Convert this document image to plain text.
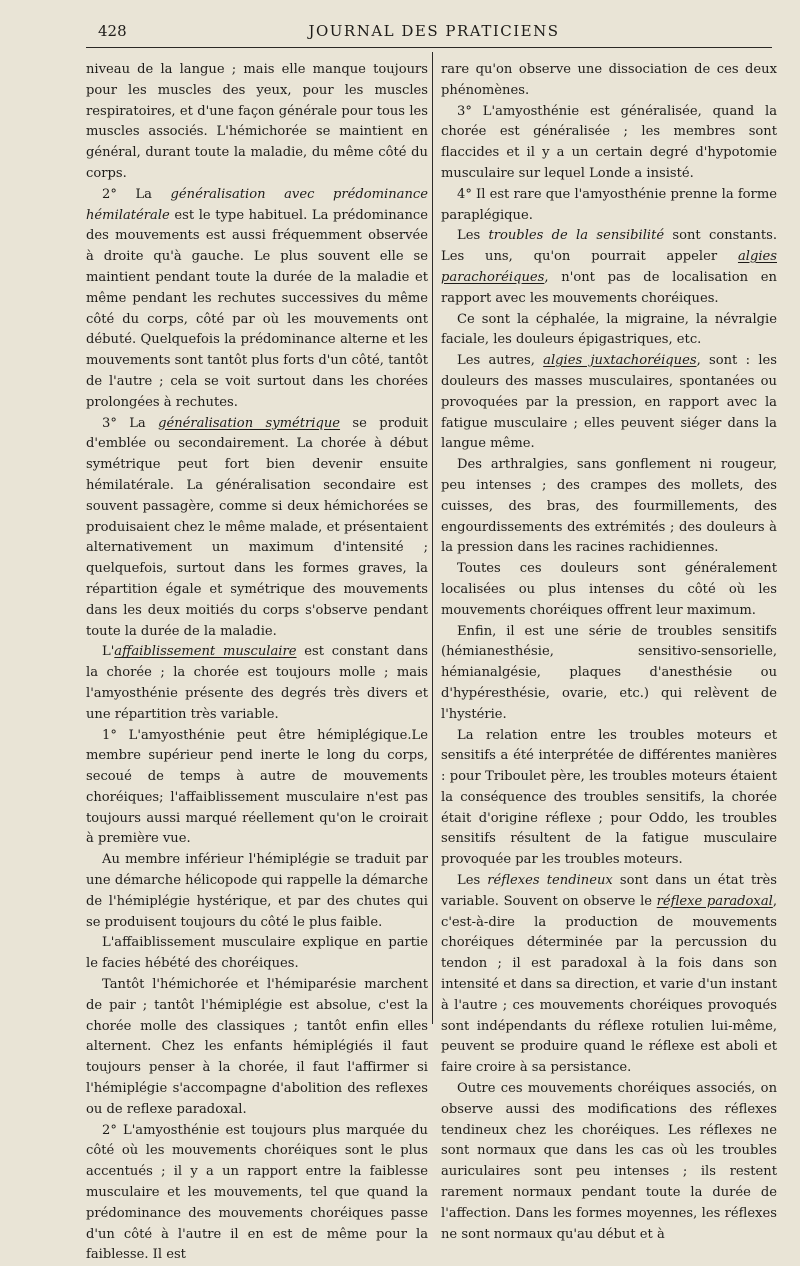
428	JOURNAL DES PRATICIENS

niveau de la langue ; mais elle manque toujours pour les muscles des yeux, pour les muscles respiratoires, et d'une façon générale pour tous les muscles associés. L'hémichorée se maintient en général, durant toute la maladie, du même côté du corps.

2° La généralisation avec prédominance hémilatérale est le type habituel. La prédominance des mouvements est aussi fréquemment observée à droite qu'à gauche. Le plus souvent elle se maintient pendant toute la durée de la maladie et même pendant les rechutes successives du même côté du corps, côté par où les mouvements ont débuté. Quelquefois la prédominance alterne et les mouvements sont tantôt plus forts d'un côté, tantôt de l'autre ; cela se voit surtout dans les chorées prolongées à rechutes.

3° La généralisation symétrique se produit d'emblée ou secondairement. La chorée à début symétrique peut fort bien devenir ensuite hémilatérale. La généralisation secondaire est souvent passagère, comme si deux hémichorées se produisaient chez le même malade, et présentaient alternativement un maximum d'intensité ; quelquefois, surtout dans les formes graves, la répartition égale et symétrique des mouvements dans les deux moitiés du corps s'observe pendant toute la durée de la maladie.

L'affaiblissement musculaire est constant dans la chorée ; la chorée est toujours molle ; mais l'amyosthénie présente des degrés très divers et une répartition très variable.

1° L'amyosthénie peut être hémiplégique.Le membre supérieur pend inerte le long du corps, secoué de temps à autre de mouvements choréiques; l'affaiblissement musculaire n'est pas toujours aussi marqué réellement qu'on le croirait à première vue.

Au membre inférieur l'hémiplégie se traduit par une démarche hélicopode qui rappelle la démarche de l'hémiplégie hystérique, et par des chutes qui se produisent toujours du côté le plus faible.

L'affaiblissement musculaire explique en partie le facies hébété des choréiques.

Tantôt l'hémichorée et l'hémiparésie marchent de pair ; tantôt l'hémiplégie est absolue, c'est la chorée molle des classiques ; tantôt enfin elles alternent. Chez les enfants hémiplégiés il faut toujours penser à la chorée, il faut l'affirmer si l'hémiplégie s'accompagne d'abolition des reflexes ou de reflexe paradoxal.

2° L'amyosthénie est toujours plus marquée du côté où les mouvements choréiques sont le plus accentués ; il y a un rapport entre la faiblesse musculaire et les mouvements, tel que quand la prédominance des mouvements choréiques passe d'un côté à l'autre il en est de même pour la faiblesse. Il est

rare qu'on observe une dissociation de ces deux phénomènes.

3° L'amyosthénie est généralisée, quand la chorée est généralisée ; les membres sont flaccides et il y a un certain degré d'hypotomie musculaire sur lequel Londe a insisté.

4° Il est rare que l'amyosthénie prenne la forme paraplégique.

Les troubles de la sensibilité sont constants. Les uns, qu'on pourrait appeler algies parachoréiques, n'ont pas de localisation en rapport avec les mouvements choréiques.

Ce sont la céphalée, la migraine, la névralgie faciale, les douleurs épigastriques, etc.

Les autres, algies juxtachoréiques, sont : les douleurs des masses musculaires, spontanées ou provoquées par la pression, en rapport avec la fatigue musculaire ; elles peuvent siéger dans la langue même.

Des arthralgies, sans gonflement ni rougeur, peu intenses ; des crampes des mollets, des cuisses, des bras, des fourmillements, des engourdissements des extrémités ; des douleurs à la pression dans les racines rachidiennes.

Toutes ces douleurs sont généralement localisées ou plus intenses du côté où les mouvements choréiques offrent leur maximum.

Enfin, il est une série de troubles sensitifs (hémianesthésie, sensitivo-sensorielle, hémianalgésie, plaques d'anesthésie ou d'hypéresthésie, ovarie, etc.) qui relèvent de l'hystérie.

La relation entre les troubles moteurs et sensitifs a été interprétée de différentes manières : pour Triboulet père, les troubles moteurs étaient la conséquence des troubles sensitifs, la chorée était d'origine réflexe ; pour Oddo, les troubles sensitifs résultent de la fatigue musculaire provoquée par les troubles moteurs.

Les réflexes tendineux sont dans un état très variable. Souvent on observe le réflexe paradoxal, c'est-à-dire la production de mouvements choréiques déterminée par la percussion du tendon ; il est paradoxal à la fois dans son intensité et dans sa direction, et varie d'un instant à l'autre ; ces mouvements choréiques provoqués sont indépendants du réflexe rotulien lui-même, peuvent se produire quand le réflexe est aboli et faire croire à sa persistance.

Outre ces mouvements choréiques associés, on observe aussi des modifications des réflexes tendineux chez les choréiques. Les réflexes ne sont normaux que dans les cas où les troubles auriculaires sont peu intenses ; ils restent rarement normaux pendant toute la durée de l'affection. Dans les formes moyennes, les réflexes ne sont normaux qu'au début et à
